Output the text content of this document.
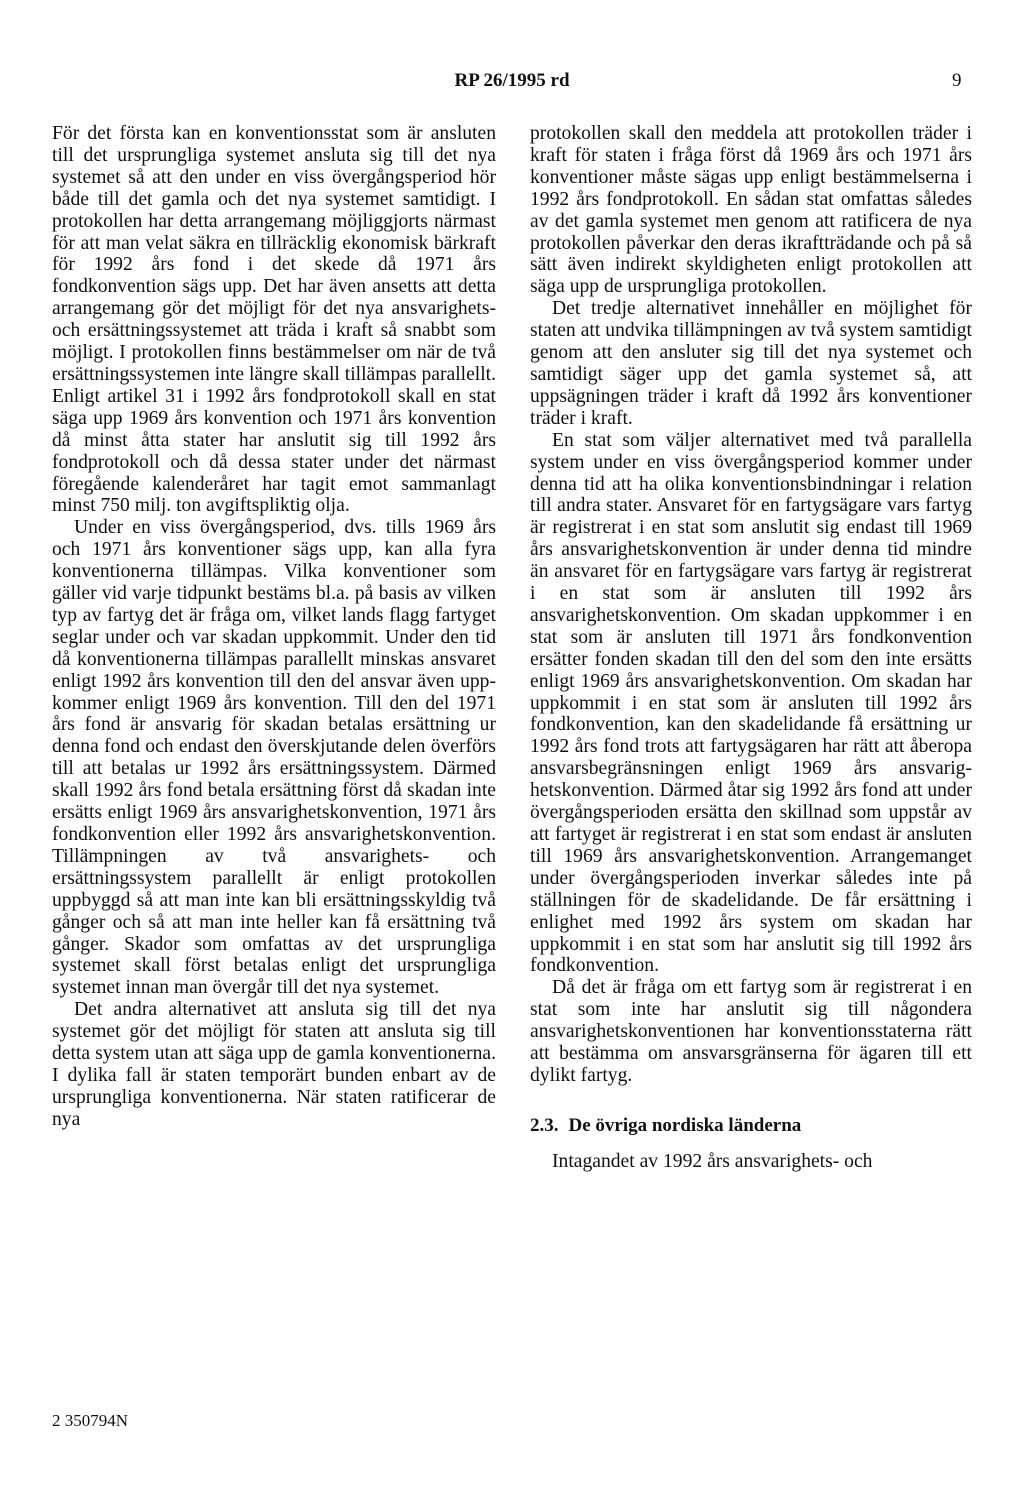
RP 26/1995 rd	9

För det första kan en konventionsstat som är ansluten till det ursprungliga systemet ansluta sig till det nya systemet så att den under en viss övergångsperiod hör både till det gamla och det nya systemet samtidigt. I protokollen har detta arrangemang möjliggjorts närmast för att man velat säkra en tillräcklig ekonomisk bärkraft för 1992 års fond i det skede då 1971 års fondkonvention sägs upp. Det har även ansetts att detta arrangemang gör det möjligt för det nya ansvarighets- och ersättningssystemet att träda i kraft så snabbt som möjligt. I protokollen finns bestämmelser om när de två ersättningssystemen inte längre skall tillämpas parallellt. Enligt artikel 31 i 1992 års fondprotokoll skall en stat säga upp 1969 års konvention och 1971 års konvention då minst åtta stater har anslutit sig till 1992 års fondprotokoll och då dessa stater under det närmast föregående kalenderåret har tagit emot sammanlagt minst 750 milj. ton avgiftspliktig olja.

Under en viss övergångsperiod, dvs. tills 1969 års och 1971 års konventioner sägs upp, kan alla fyra konventionerna tillämpas. Vilka konventioner som gäller vid varje tidpunkt bestäms bl.a. på basis av vilken typ av fartyg det är fråga om, vilket lands flagg fartyget seglar under och var skadan uppkommit. Under den tid då konventionerna tillämpas parallellt minskas ansvaret enligt 1992 års konvention till den del ansvar även uppkommer enligt 1969 års konvention. Till den del 1971 års fond är ansvarig för skadan betalas ersättning ur denna fond och endast den överskjutande delen överförs till att betalas ur 1992 års ersättningssystem. Därmed skall 1992 års fond betala ersättning först då skadan inte ersätts enligt 1969 års ansvarighetskonvention, 1971 års fondkonvention eller 1992 års ansvarighetskonvention. Tillämpningen av två ansvarighets- och ersättningssystem parallellt är enligt protokollen uppbyggd så att man inte kan bli ersättningsskyldig två gånger och så att man inte heller kan få ersättning två gånger. Skador som omfattas av det ursprungliga systemet skall först betalas enligt det ursprungliga systemet innan man övergår till det nya systemet.

Det andra alternativet att ansluta sig till det nya systemet gör det möjligt för staten att ansluta sig till detta system utan att säga upp de gamla konventionerna. I dylika fall är staten temporärt bunden enbart av de ursprungliga konventionerna. När staten ratificerar de nya

protokollen skall den meddela att protokollen träder i kraft för staten i fråga först då 1969 års och 1971 års konventioner måste sägas upp enligt bestämmelserna i 1992 års fondprotokoll. En sådan stat omfattas således av det gamla systemet men genom att ratificera de nya protokollen påverkar den deras ikraftträdande och på så sätt även indirekt skyldigheten enligt protokollen att säga upp de ursprungliga protokollen.

Det tredje alternativet innehåller en möjlighet för staten att undvika tillämpningen av två system samtidigt genom att den ansluter sig till det nya systemet och samtidigt säger upp det gamla systemet så, att uppsägningen träder i kraft då 1992 års konventioner träder i kraft.

En stat som väljer alternativet med två parallella system under en viss övergångsperiod kommer under denna tid att ha olika konventionsbindningar i relation till andra stater. Ansvaret för en fartygsägare vars fartyg är registrerat i en stat som anslutit sig endast till 1969 års ansvarighetskonvention är under denna tid mindre än ansvaret för en fartygsägare vars fartyg är registrerat i en stat som är ansluten till 1992 års ansvarighetskonvention. Om skadan uppkommer i en stat som är ansluten till 1971 års fondkonvention ersätter fonden skadan till den del som den inte ersätts enligt 1969 års ansvarighetskonvention. Om skadan har uppkommit i en stat som är ansluten till 1992 års fondkonvention, kan den skadelidande få ersättning ur 1992 års fond trots att fartygsägaren har rätt att åberopa ansvarsbegränsningen enligt 1969 års ansvarighetskonvention. Därmed åtar sig 1992 års fond att under övergångsperioden ersätta den skillnad som uppstår av att fartyget är registrerat i en stat som endast är ansluten till 1969 års ansvarighetskonvention. Arrangemanget under övergångsperioden inverkar således inte på ställningen för de skadelidande. De får ersättning i enlighet med 1992 års system om skadan har uppkommit i en stat som har anslutit sig till 1992 års fondkonvention.

Då det är fråga om ett fartyg som är registrerat i en stat som inte har anslutit sig till någondera ansvarighetskonventionen har konventionsstaterna rätt att bestämma om ansvarsgränserna för ägaren till ett dylikt fartyg.

2.3. De övriga nordiska länderna

Intagandet av 1992 års ansvarighets- och

2 350794N
